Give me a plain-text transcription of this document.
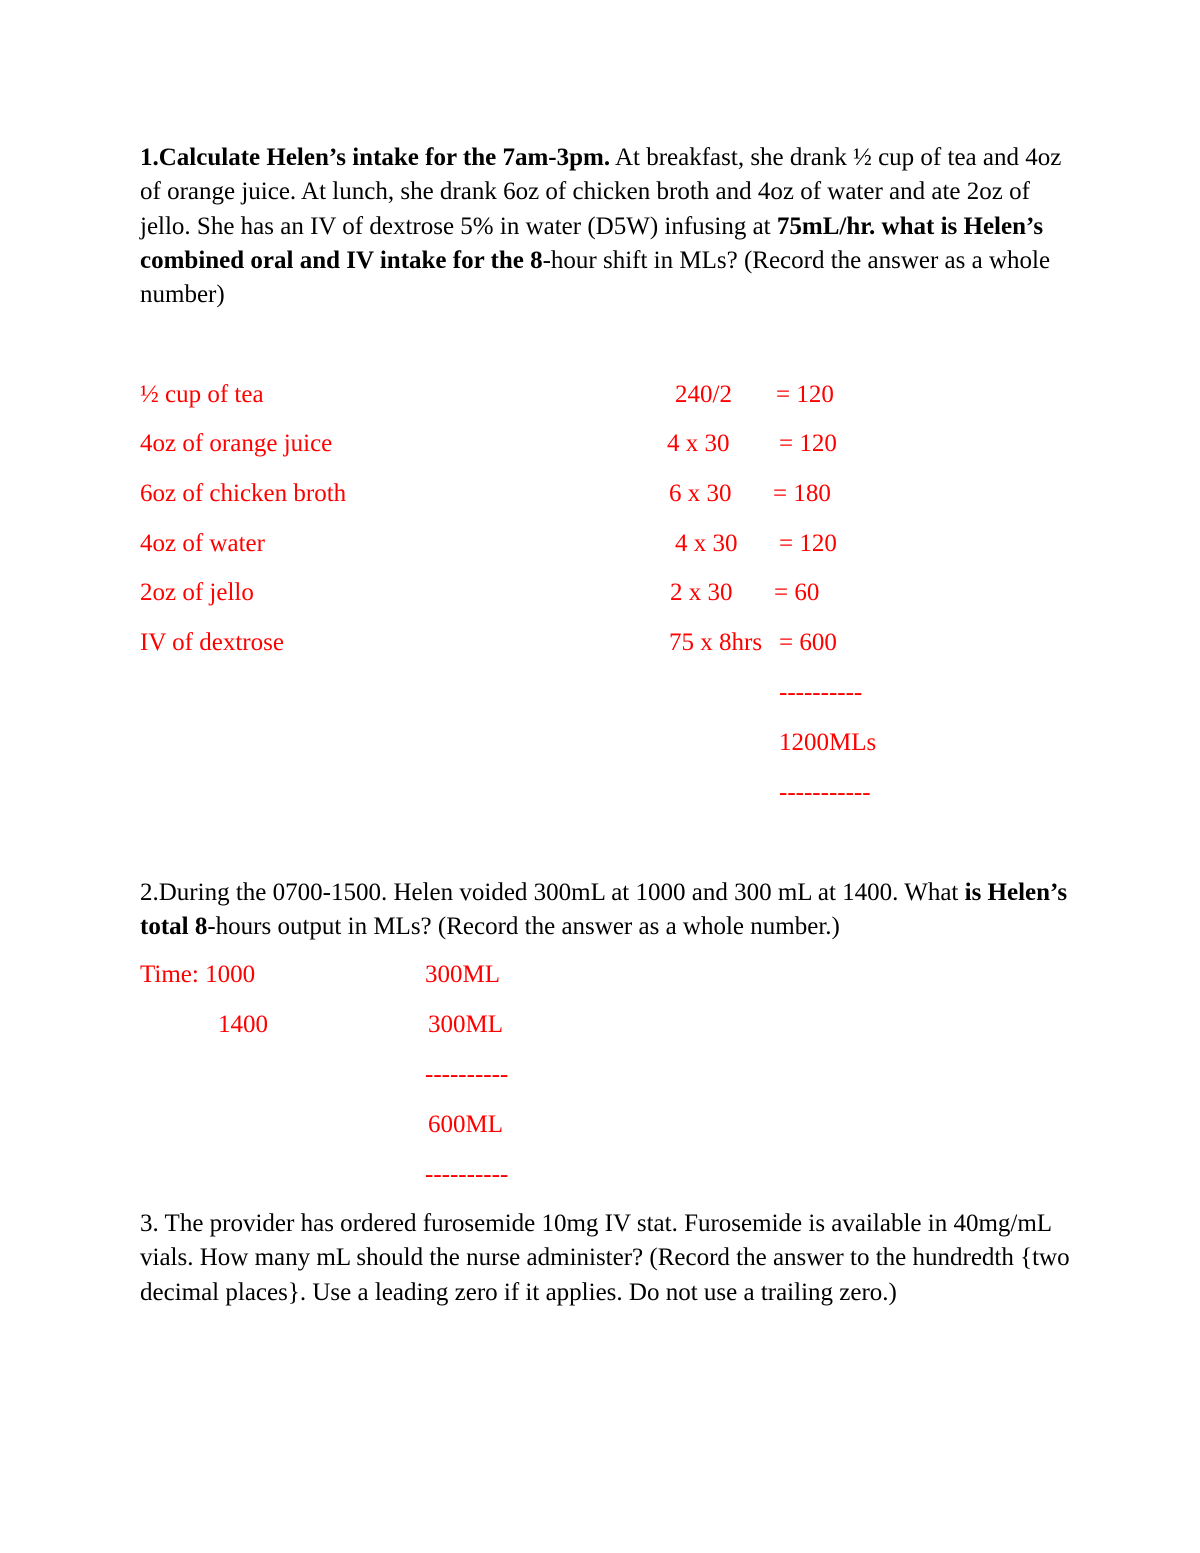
1.Calculate Helen’s intake for the 7am-3pm. At breakfast, she drank ½ cup of tea and 4oz of orange juice. At lunch, she drank 6oz of chicken broth and 4oz of water and ate 2oz of jello. She has an IV of dextrose 5% in water (D5W) infusing at 75mL/hr. what is Helen’s combined oral and IV intake for the 8-hour shift in MLs? (Record the answer as a whole number)
½ cup of tea	240/2 = 120
4oz of orange juice	4 x 30 = 120
6oz of chicken broth	6 x 30 = 180
4oz of water	4 x 30 = 120
2oz of jello	2 x 30 = 60
IV of dextrose	75 x 8hrs = 600
----------
1200MLs
-----------
2.During the 0700-1500. Helen voided 300mL at 1000 and 300 mL at 1400. What is Helen’s total 8-hours output in MLs? (Record the answer as a whole number.)
Time: 1000	300ML
1400	300ML
----------
600ML
----------
3. The provider has ordered furosemide 10mg IV stat. Furosemide is available in 40mg/mL vials. How many mL should the nurse administer? (Record the answer to the hundredth {two decimal places}. Use a leading zero if it applies. Do not use a trailing zero.)
